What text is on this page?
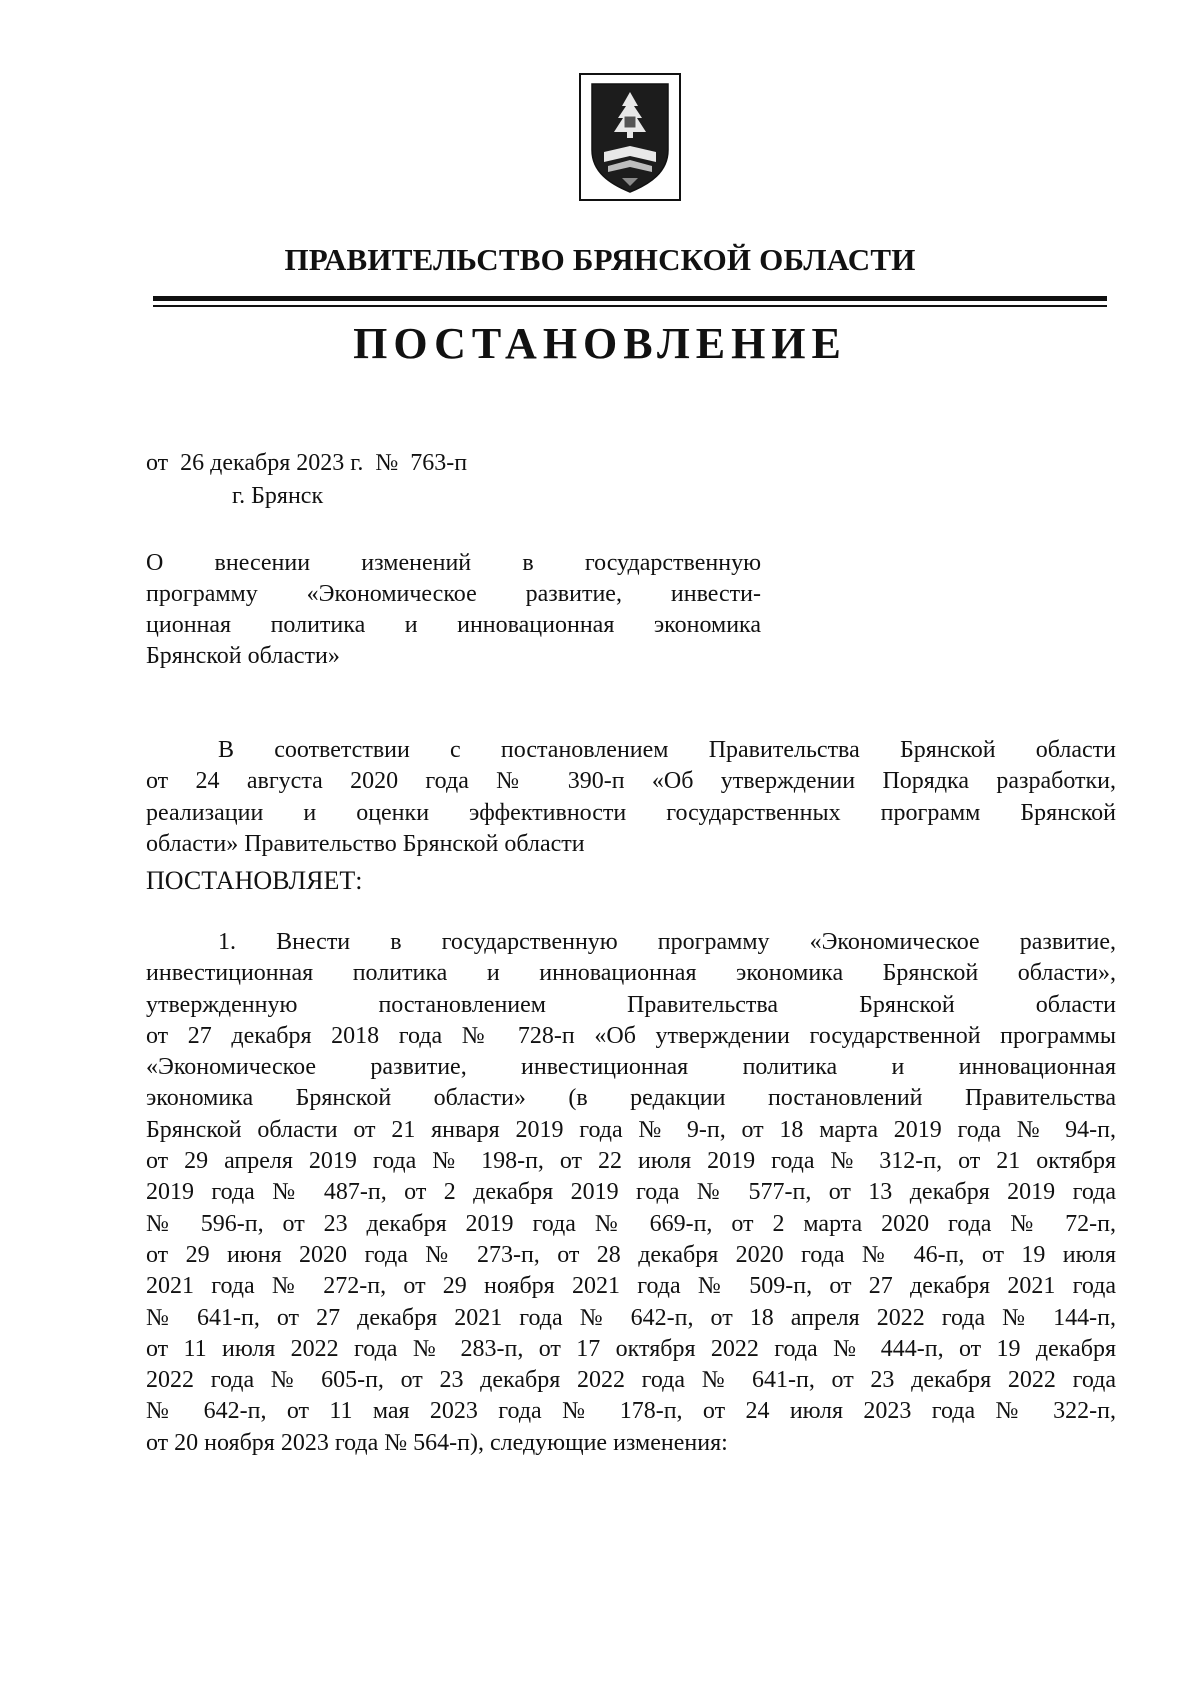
ПРАВИТЕЛЬСТВО БРЯНСКОЙ ОБЛАСТИ
ПОСТАНОВЛЕНИЕ
от  26 декабря 2023 г.  №  763-п
г. Брянск
О внесении изменений в государственную
программу «Экономическое развитие, инвести-
ционная политика и инновационная экономика
Брянской области»
В соответствии с постановлением Правительства Брянской области
от 24 августа 2020 года № 390-п «Об утверждении Порядка разработки,
реализации и оценки эффективности государственных программ Брянской
области» Правительство Брянской области
ПОСТАНОВЛЯЕТ:
1. Внести в государственную программу «Экономическое развитие,
инвестиционная политика и инновационная экономика Брянской области»,
утвержденную постановлением Правительства Брянской области
от 27 декабря 2018 года № 728-п «Об утверждении государственной программы
«Экономическое развитие, инвестиционная политика и инновационная
экономика Брянской области» (в редакции постановлений Правительства
Брянской области от 21 января 2019 года № 9-п, от 18 марта 2019 года № 94-п,
от 29 апреля 2019 года № 198-п, от 22 июля 2019 года № 312-п, от 21 октября
2019 года № 487-п, от 2 декабря 2019 года № 577-п, от 13 декабря 2019 года
№ 596-п, от 23 декабря 2019 года № 669-п, от 2 марта 2020 года № 72-п,
от 29 июня 2020 года № 273-п, от 28 декабря 2020 года № 46-п, от 19 июля
2021 года № 272-п, от 29 ноября 2021 года № 509-п, от 27 декабря 2021 года
№ 641-п, от 27 декабря 2021 года № 642-п, от 18 апреля 2022 года № 144-п,
от 11 июля 2022 года № 283-п, от 17 октября 2022 года № 444-п, от 19 декабря
2022 года № 605-п, от 23 декабря 2022 года № 641-п, от 23 декабря 2022 года
№ 642-п, от 11 мая 2023 года № 178-п, от 24 июля 2023 года № 322-п,
от 20 ноября 2023 года № 564-п), следующие изменения:
